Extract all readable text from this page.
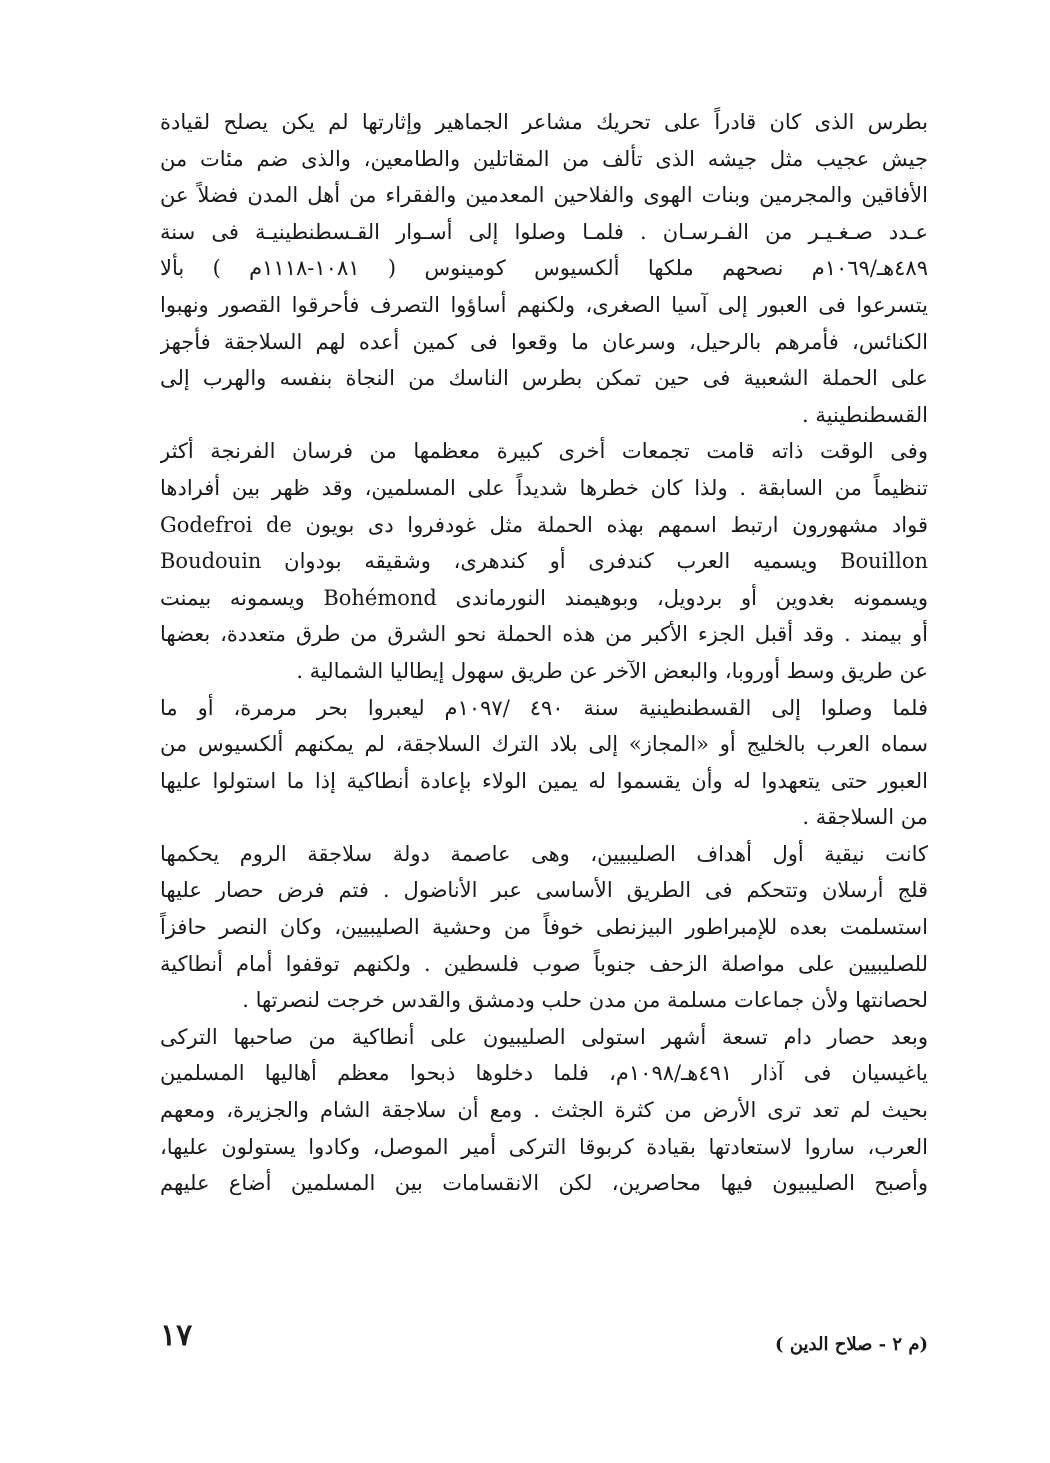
بطرس الذى كان قادراً على تحريك مشاعر الجماهير وإثارتها لم يكن يصلح لقيادة
جيش عجيب مثل جيشه الذى تألف من المقاتلين والطامعين، والذى ضم مئات من
الأفاقين والمجرمين وبنات الهوى والفلاحين المعدمين والفقراء من أهل المدن فضلاً عن
عـدد صـغـيـر من الفـرسـان . فلمـا وصلوا إلى أسـوار القـسطنطينيـة فى سنة
٤٨٩هـ/١٠٦٩م نصحهم ملكها ألكسيوس كومينوس ( ١٠٨١-١١١٨م ) بألا
يتسرعوا فى العبور إلى آسيا الصغرى، ولكنهم أساؤوا التصرف فأحرقوا القصور ونهبوا
الكنائس، فأمرهم بالرحيل، وسرعان ما وقعوا فى كمين أعده لهم السلاجقة فأجهز
على الحملة الشعبية فى حين تمكن بطرس الناسك من النجاة بنفسه والهرب إلى
القسطنطينية .
وفى الوقت ذاته قامت تجمعات أخرى كبيرة معظمها من فرسان الفرنجة أكثر
تنظيماً من السابقة . ولذا كان خطرها شديداً على المسلمين، وقد ظهر بين أفرادها
قواد مشهورون ارتبط اسمهم بهذه الحملة مثل غودفروا دى بويون Godefroi de
Bouillon ويسميه العرب كندفرى أو كندهرى، وشقيقه بودوان Boudouin
ويسمونه بغدوين أو بردويل، وبوهيمند النورماندى Bohémond ويسمونه بيمنت
أو بيمند . وقد أقبل الجزء الأكبر من هذه الحملة نحو الشرق من طرق متعددة، بعضها
عن طريق وسط أوروبا، والبعض الآخر عن طريق سهول إيطاليا الشمالية .
فلما وصلوا إلى القسطنطينية سنة ٤٩٠ /١٠٩٧م ليعبروا بحر مرمرة، أو ما
سماه العرب بالخليج أو «المجاز» إلى بلاد الترك السلاجقة، لم يمكنهم ألكسيوس من
العبور حتى يتعهدوا له وأن يقسموا له يمين الولاء بإعادة أنطاكية إذا ما استولوا عليها
من السلاجقة .
كانت نيقية أول أهداف الصليبيين، وهى عاصمة دولة سلاجقة الروم يحكمها
قلج أرسلان وتتحكم فى الطريق الأساسى عبر الأناضول . فتم فرض حصار عليها
استسلمت بعده للإمبراطور البيزنطى خوفاً من وحشية الصليبيين، وكان النصر حافزاً
للصليبيين على مواصلة الزحف جنوباً صوب فلسطين . ولكنهم توقفوا أمام أنطاكية
لحصانتها ولأن جماعات مسلمة من مدن حلب ودمشق والقدس خرجت لنصرتها .
وبعد حصار دام تسعة أشهر استولى الصليبيون على أنطاكية من صاحبها التركى
ياغيسيان فى آذار ٤٩١هـ/١٠٩٨م، فلما دخلوها ذبحوا معظم أهاليها المسلمين
بحيث لم تعد ترى الأرض من كثرة الجثث . ومع أن سلاجقة الشام والجزيرة، ومعهم
العرب، ساروا لاستعادتها بقيادة كربوقا التركى أمير الموصل، وكادوا يستولون عليها،
وأصبح الصليبيون فيها محاصرين، لكن الانقسامات بين المسلمين أضاع عليهم
(م ٢ - صلاح الدين )
١٧
